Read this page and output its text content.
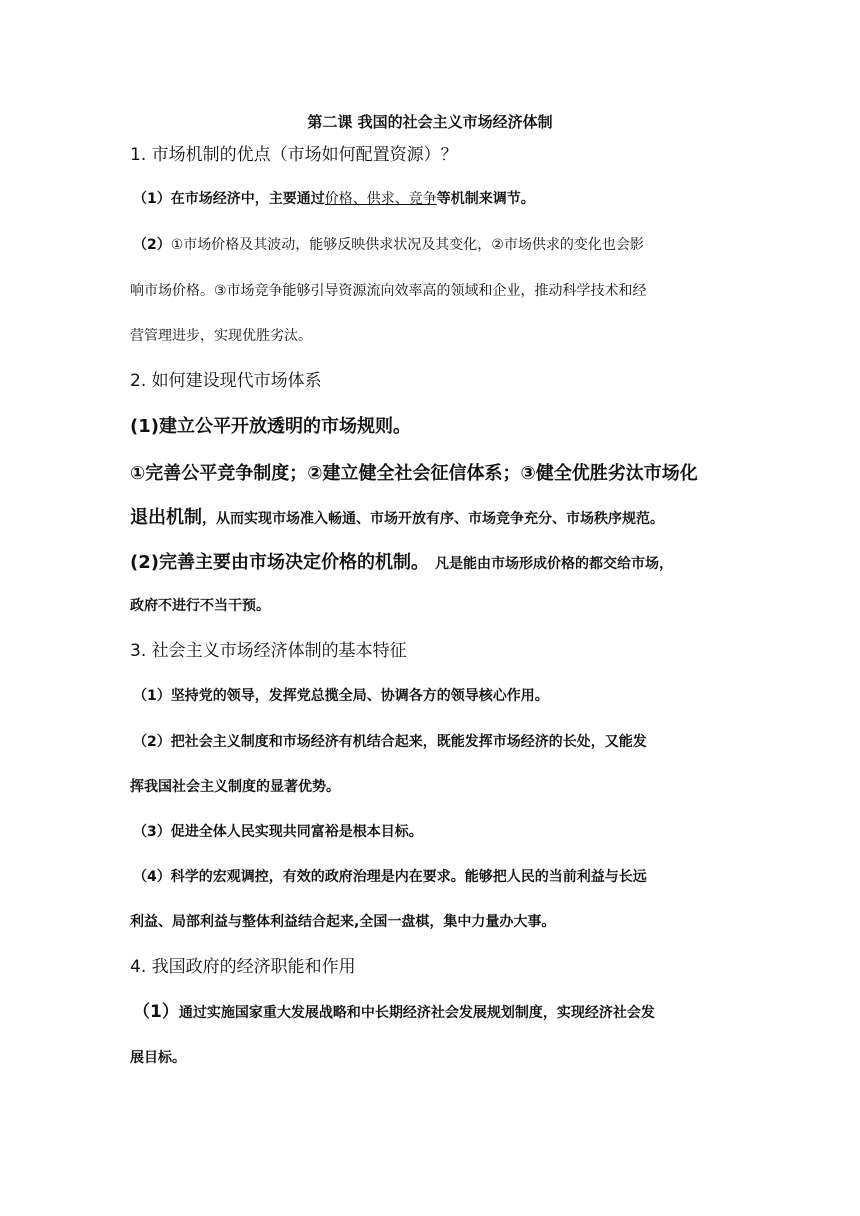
第二课 我国的社会主义市场经济体制
1. 市场机制的优点（市场如何配置资源）？
（1）在市场经济中，主要通过价格、供求、竞争等机制来调节。
（2）①市场价格及其波动，能够反映供求状况及其变化，②市场供求的变化也会影
响市场价格。③市场竞争能够引导资源流向效率高的领域和企业，推动科学技术和经
营管理进步，实现优胜劣汰。
2. 如何建设现代市场体系
(1)建立公平开放透明的市场规则。
①完善公平竞争制度；②建立健全社会征信体系；③健全优胜劣汰市场化
退出机制，从而实现市场准入畅通、市场开放有序、市场竞争充分、市场秩序规范。
(2)完善主要由市场决定价格的机制。 凡是能由市场形成价格的都交给市场，
政府不进行不当干预。
3. 社会主义市场经济体制的基本特征
（1）坚持党的领导，发挥党总揽全局、协调各方的领导核心作用。
（2）把社会主义制度和市场经济有机结合起来，既能发挥市场经济的长处，又能发
挥我国社会主义制度的显著优势。
（3）促进全体人民实现共同富裕是根本目标。
（4）科学的宏观调控，有效的政府治理是内在要求。能够把人民的当前利益与长远
利益、局部利益与整体利益结合起来,全国一盘棋，集中力量办大事。
4. 我国政府的经济职能和作用
（1）通过实施国家重大发展战略和中长期经济社会发展规划制度，实现经济社会发
展目标。
